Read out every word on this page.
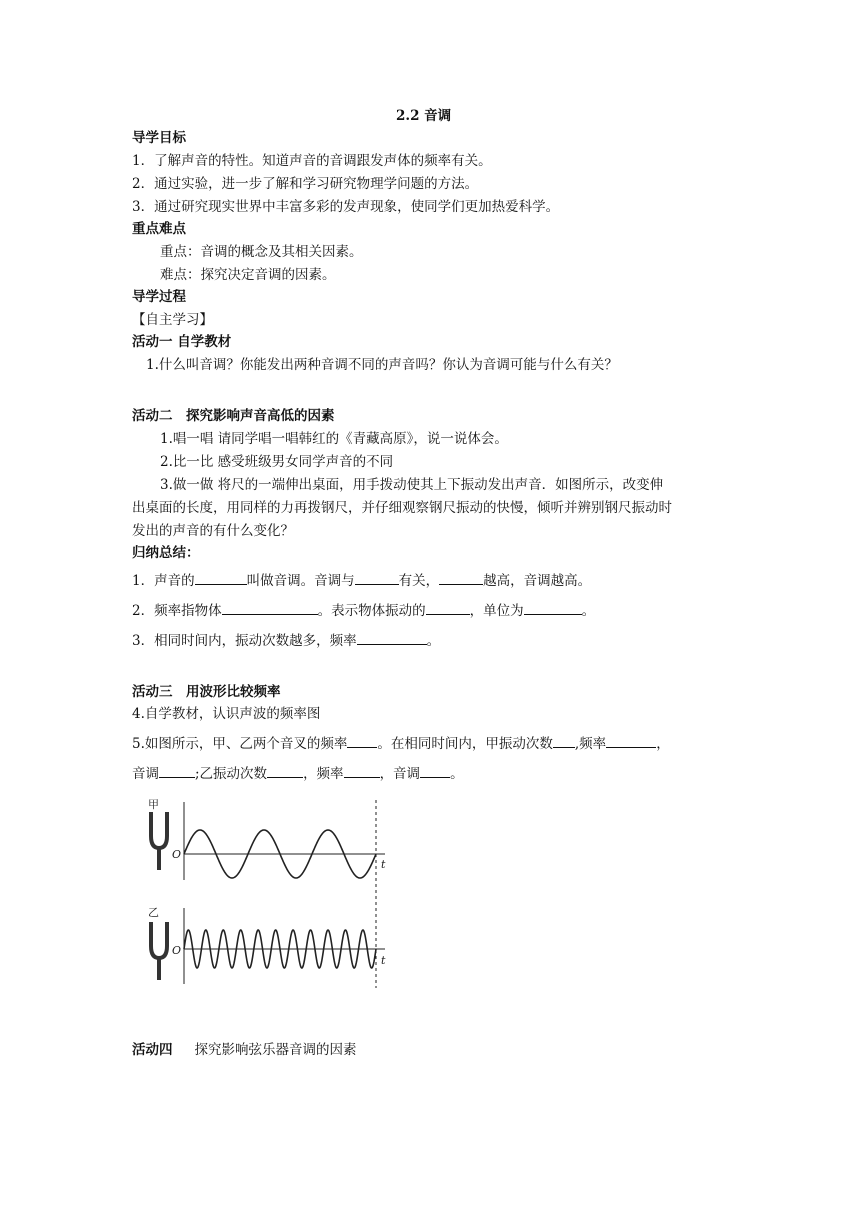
2.2 音调
导学目标
1．了解声音的特性。知道声音的音调跟发声体的频率有关。
2．通过实验，进一步了解和学习研究物理学问题的方法。
3．通过研究现实世界中丰富多彩的发声现象，使同学们更加热爱科学。
重点难点
重点：音调的概念及其相关因素。
难点：探究决定音调的因素。
导学过程
【自主学习】
活动一 自学教材
1.什么叫音调？你能发出两种音调不同的声音吗？你认为音调可能与什么有关？
活动二　探究影响声音高低的因素
1.唱一唱 请同学唱一唱韩红的《青藏高原》，说一说体会。
2.比一比 感受班级男女同学声音的不同
3.做一做 将尺的一端伸出桌面，用手拨动使其上下振动发出声音．如图所示，改变伸
出桌面的长度，用同样的力再拨钢尺，并仔细观察钢尺振动的快慢，倾听并辨别钢尺振动时
发出的声音的有什么变化？
归纳总结：
1．声音的	叫做音调。音调与	有关，	越高，音调越高。
2．频率指物体	。表示物体振动的	，单位为	。
3．相同时间内，振动次数越多，频率	。
活动三　用波形比较频率
4.自学教材，认识声波的频率图
5.如图所示，甲、乙两个音叉的频率 。在相同时间内，甲振动次数 ,频率	，
音调	;乙振动次数	，频率	，音调 。
甲
O
t
乙
O
t
活动四 探究影响弦乐器音调的因素
